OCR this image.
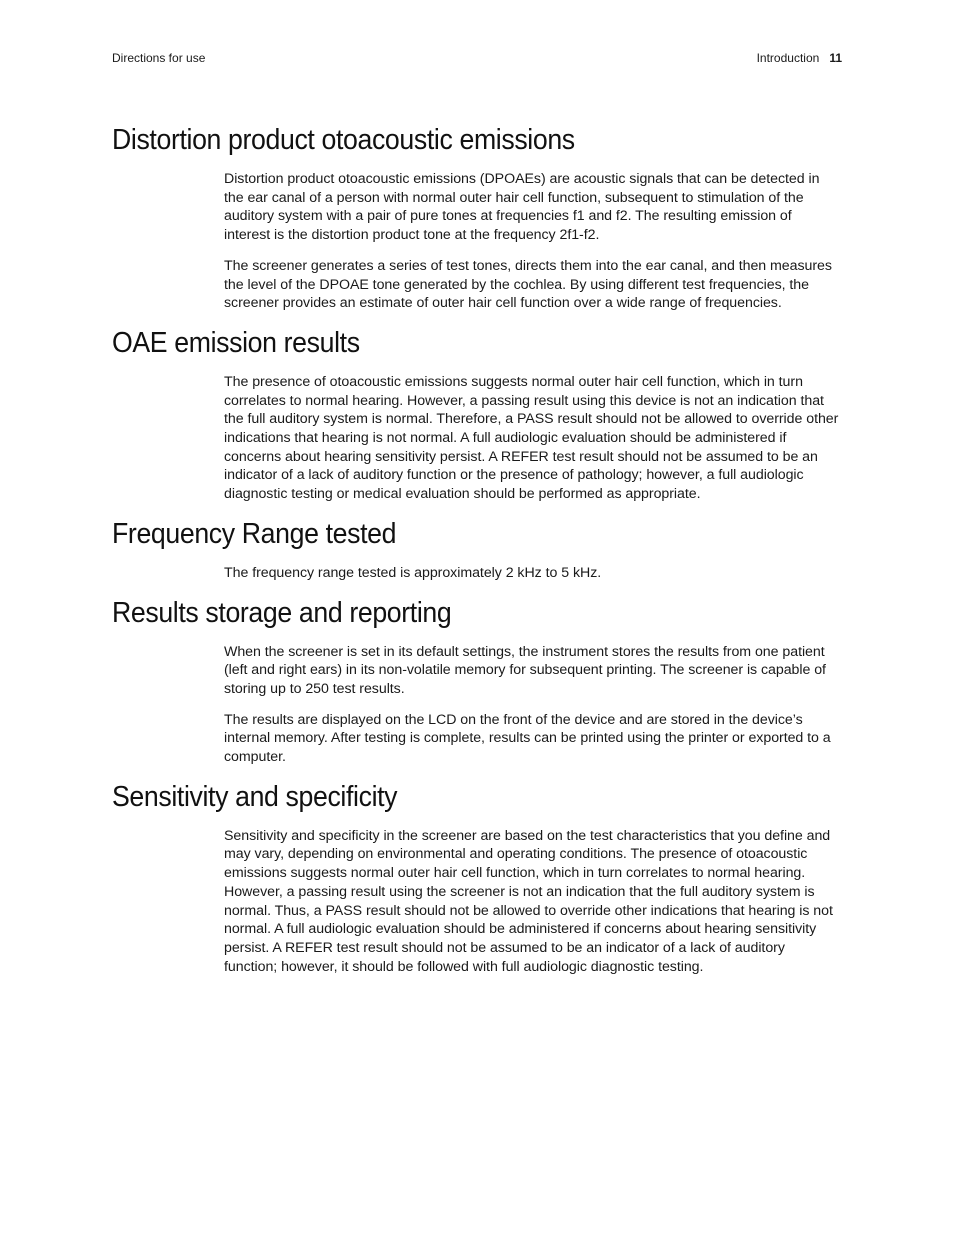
Directions for use	Introduction 11
Distortion product otoacoustic emissions

Distortion product otoacoustic emissions (DPOAEs) are acoustic signals that can be detected in the ear canal of a person with normal outer hair cell function, subsequent to stimulation of the auditory system with a pair of pure tones at frequencies f1 and f2. The resulting emission of interest is the distortion product tone at the frequency 2f1-f2.

The screener generates a series of test tones, directs them into the ear canal, and then measures the level of the DPOAE tone generated by the cochlea. By using different test frequencies, the screener provides an estimate of outer hair cell function over a wide range of frequencies.

OAE emission results

The presence of otoacoustic emissions suggests normal outer hair cell function, which in turn correlates to normal hearing. However, a passing result using this device is not an indication that the full auditory system is normal. Therefore, a PASS result should not be allowed to override other indications that hearing is not normal. A full audiologic evaluation should be administered if concerns about hearing sensitivity persist. A REFER test result should not be assumed to be an indicator of a lack of auditory function or the presence of pathology; however, a full audiologic diagnostic testing or medical evaluation should be performed as appropriate.

Frequency Range tested

The frequency range tested is approximately 2 kHz to 5 kHz.

Results storage and reporting

When the screener is set in its default settings, the instrument stores the results from one patient (left and right ears) in its non-volatile memory for subsequent printing. The screener is capable of storing up to 250 test results.

The results are displayed on the LCD on the front of the device and are stored in the device’s internal memory. After testing is complete, results can be printed using the printer or exported to a computer.

Sensitivity and specificity

Sensitivity and specificity in the screener are based on the test characteristics that you define and may vary, depending on environmental and operating conditions. The presence of otoacoustic emissions suggests normal outer hair cell function, which in turn correlates to normal hearing. However, a passing result using the screener is not an indication that the full auditory system is normal. Thus, a PASS result should not be allowed to override other indications that hearing is not normal. A full audiologic evaluation should be administered if concerns about hearing sensitivity persist. A REFER test result should not be assumed to be an indicator of a lack of auditory function; however, it should be followed with full audiologic diagnostic testing.
